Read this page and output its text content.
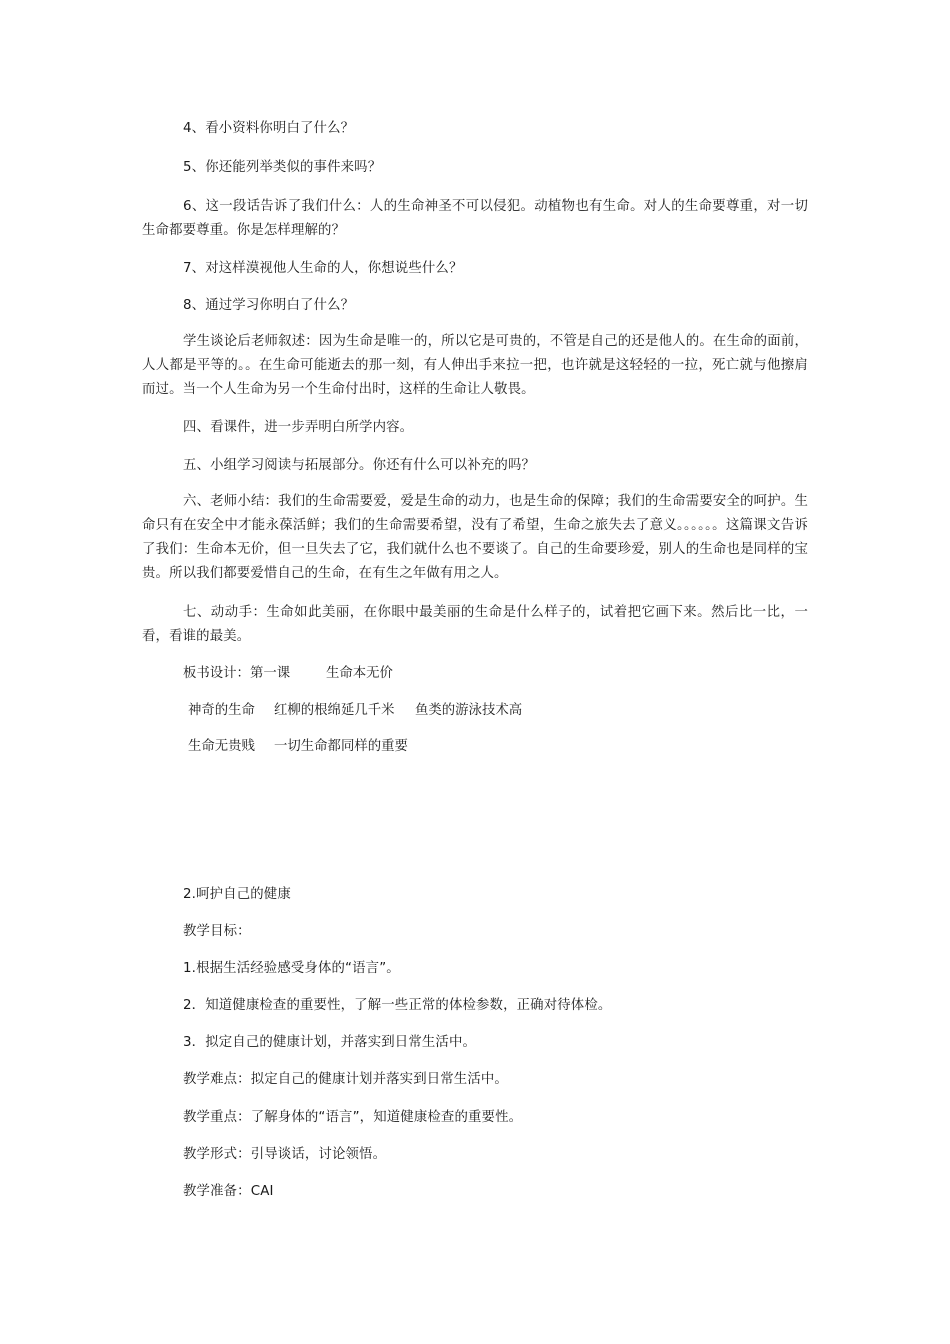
4、看小资料你明白了什么？
5、你还能列举类似的事件来吗？
6、这一段话告诉了我们什么：人的生命神圣不可以侵犯。动植物也有生命。对人的生命要尊重，对一切生命都要尊重。你是怎样理解的？
7、对这样漠视他人生命的人，你想说些什么？
8、通过学习你明白了什么？
学生谈论后老师叙述：因为生命是唯一的，所以它是可贵的，不管是自己的还是他人的。在生命的面前，人人都是平等的。。在生命可能逝去的那一刻，有人伸出手来拉一把，也许就是这轻轻的一拉，死亡就与他擦肩而过。当一个人生命为另一个生命付出时，这样的生命让人敬畏。
四、看课件，进一步弄明白所学内容。
五、小组学习阅读与拓展部分。你还有什么可以补充的吗？
六、老师小结：我们的生命需要爱，爱是生命的动力，也是生命的保障；我们的生命需要安全的呵护。生命只有在安全中才能永葆活鲜；我们的生命需要希望，没有了希望，生命之旅失去了意义。。。。。。这篇课文告诉了我们：生命本无价，但一旦失去了它，我们就什么也不要谈了。自己的生命要珍爱，别人的生命也是同样的宝贵。所以我们都要爱惜自己的生命，在有生之年做有用之人。
七、动动手：生命如此美丽，在你眼中最美丽的生命是什么样子的，试着把它画下来。然后比一比，一看，看谁的最美。
板书设计：第一课	生命本无价
神奇的生命 红柳的根绵延几千米 鱼类的游泳技术高
生命无贵贱 一切生命都同样的重要
2.呵护自己的健康
教学目标：
1.根据生活经验感受身体的“语言”。
2．知道健康检查的重要性，了解一些正常的体检参数，正确对待体检。
3．拟定自己的健康计划，并落实到日常生活中。
教学难点：拟定自己的健康计划并落实到日常生活中。
教学重点：了解身体的“语言”，知道健康检查的重要性。
教学形式：引导谈话，讨论领悟。
教学准备：CAI
